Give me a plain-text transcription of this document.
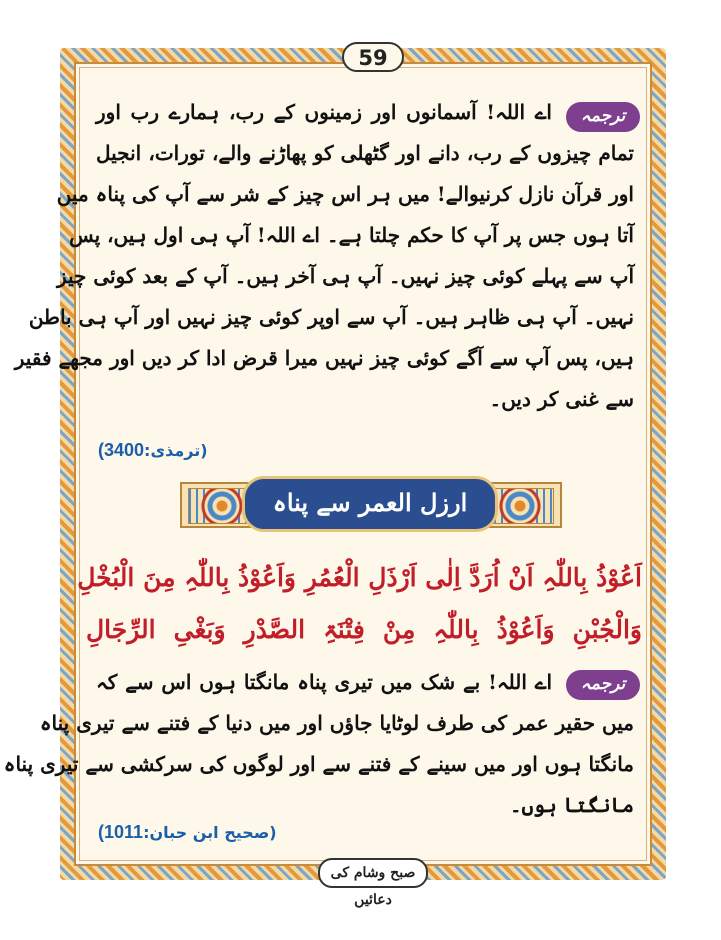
59
ترجمہ
اے اللہ! آسمانوں اور زمینوں کے رب، ہمارے رب اور
تمام چیزوں کے رب، دانے اور گٹھلی کو پھاڑنے والے، تورات، انجیل
اور قرآن نازل کرنیوالے! میں ہر اس چیز کے شر سے آپ کی پناہ میں
آتا ہوں جس پر آپ کا حکم چلتا ہے۔ اے اللہ! آپ ہی اول ہیں، پس
آپ سے پہلے کوئی چیز نہیں۔ آپ ہی آخر ہیں۔ آپ کے بعد کوئی چیز
نہیں۔ آپ ہی ظاہر ہیں۔ آپ سے اوپر کوئی چیز نہیں اور آپ ہی باطن
ہیں، پس آپ سے آگے کوئی چیز نہیں میرا قرض ادا کر دیں اور مجھے فقیر
سے غنی کر دیں۔
(ترمذی:3400)
ارزل العمر سے پناہ
اَعُوْذُ بِاللّٰہِ اَنْ اُرَدَّ اِلٰی اَرْذَلِ الْعُمُرِ وَاَعُوْذُ بِاللّٰہِ مِنَ الْبُخْلِ
وَالْجُبْنِ وَاَعُوْذُ بِاللّٰہِ مِنْ فِتْنَۃِ الصَّدْرِ وَبَغْیِ الرِّجَالِ
ترجمہ
اے اللہ! بے شک میں تیری پناہ مانگتا ہوں اس سے کہ
میں حقیر عمر کی طرف لوٹایا جاؤں اور میں دنیا کے فتنے سے تیری پناہ
مانگتا ہوں اور میں سینے کے فتنے سے اور لوگوں کی سرکشی سے تیری پناہ
مانگتا ہوں۔
(صحیح ابن حبان:1011)
صبح وشام کی دعائیں
